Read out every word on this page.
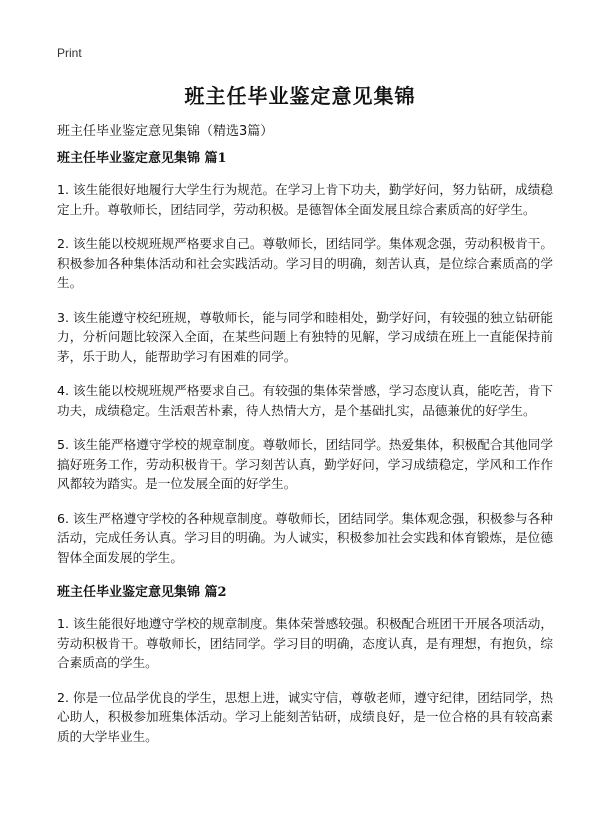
Print
班主任毕业鉴定意见集锦
班主任毕业鉴定意见集锦（精选3篇）
班主任毕业鉴定意见集锦 篇1

1. 该生能很好地履行大学生行为规范。在学习上肯下功夫，勤学好问，努力钻研，成绩稳定上升。尊敬师长，团结同学，劳动积极。是德智体全面发展且综合素质高的好学生。

2. 该生能以校规班规严格要求自己。尊敬师长，团结同学。集体观念强，劳动积极肯干。积极参加各种集体活动和社会实践活动。学习目的明确，刻苦认真，是位综合素质高的学生。

3. 该生能遵守校纪班规，尊敬师长，能与同学和睦相处，勤学好问，有较强的独立钻研能力，分析问题比较深入全面，在某些问题上有独特的见解，学习成绩在班上一直能保持前茅，乐于助人，能帮助学习有困难的同学。

4. 该生能以校规班规严格要求自己。有较强的集体荣誉感，学习态度认真，能吃苦，肯下功夫，成绩稳定。生活艰苦朴素，待人热情大方，是个基础扎实，品德兼优的好学生。

5. 该生能严格遵守学校的规章制度。尊敬师长，团结同学。热爱集体，积极配合其他同学搞好班务工作，劳动积极肯干。学习刻苦认真，勤学好问，学习成绩稳定，学风和工作作风都较为踏实。是一位发展全面的好学生。

6. 该生严格遵守学校的各种规章制度。尊敬师长，团结同学。集体观念强，积极参与各种活动，完成任务认真。学习目的明确。为人诚实，积极参加社会实践和体育锻炼，是位德智体全面发展的学生。

班主任毕业鉴定意见集锦 篇2

1. 该生能很好地遵守学校的规章制度。集体荣誉感较强。积极配合班团干开展各项活动，劳动积极肯干。尊敬师长，团结同学。学习目的明确，态度认真，是有理想，有抱负，综合素质高的学生。

2. 你是一位品学优良的学生，思想上进，诚实守信，尊敬老师，遵守纪律，团结同学，热心助人，积极参加班集体活动。学习上能刻苦钻研，成绩良好，是一位合格的具有较高素质的大学毕业生。
